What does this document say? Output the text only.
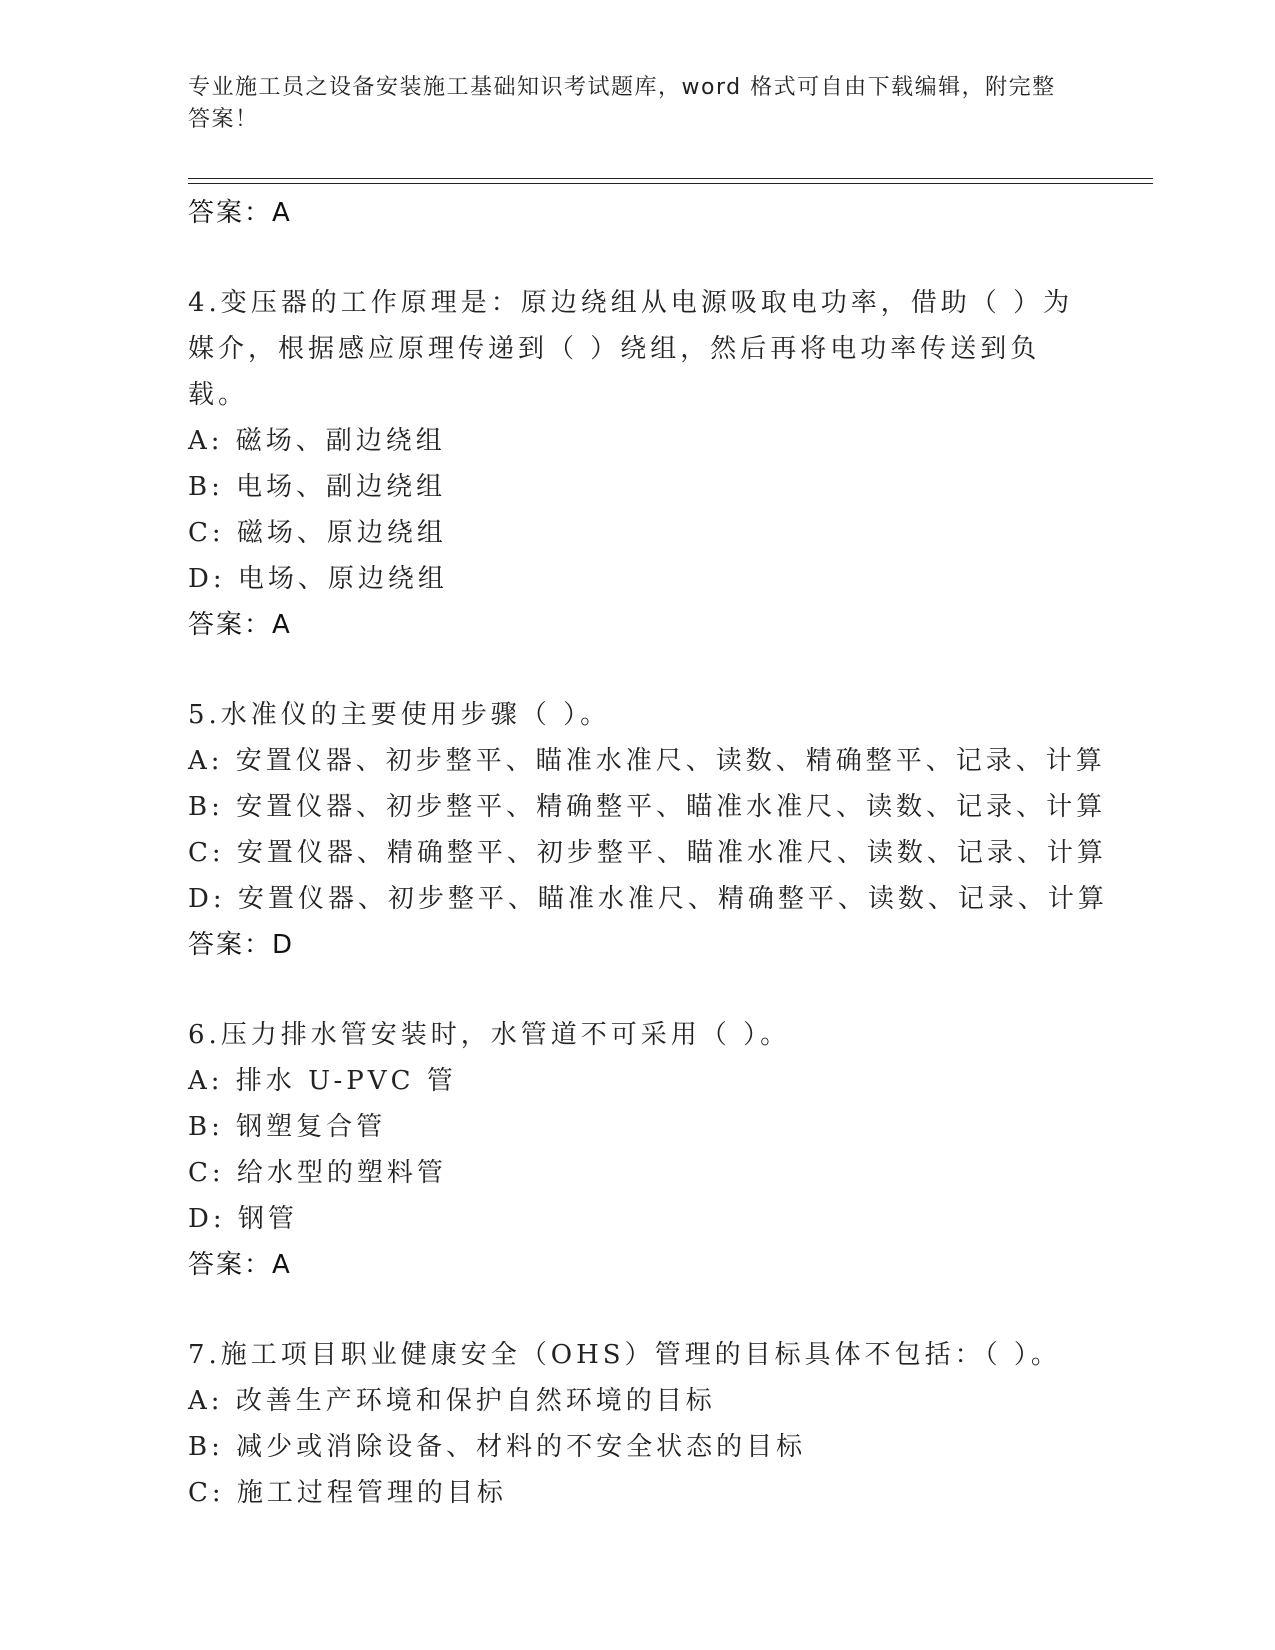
专业施工员之设备安装施工基础知识考试题库，word 格式可自由下载编辑，附完整答案！
答案：A
4.变压器的工作原理是：原边绕组从电源吸取电功率，借助（ ）为媒介，根据感应原理传递到（ ）绕组，然后再将电功率传送到负载。
A: 磁场、副边绕组
B: 电场、副边绕组
C: 磁场、原边绕组
D: 电场、原边绕组
答案：A
5.水准仪的主要使用步骤（ ）。
A: 安置仪器、初步整平、瞄准水准尺、读数、精确整平、记录、计算
B: 安置仪器、初步整平、精确整平、瞄准水准尺、读数、记录、计算
C: 安置仪器、精确整平、初步整平、瞄准水准尺、读数、记录、计算
D: 安置仪器、初步整平、瞄准水准尺、精确整平、读数、记录、计算
答案：D
6.压力排水管安装时，水管道不可采用（ ）。
A: 排水 U-PVC 管
B: 钢塑复合管
C: 给水型的塑料管
D: 钢管
答案：A
7.施工项目职业健康安全（OHS）管理的目标具体不包括：（ ）。
A: 改善生产环境和保护自然环境的目标
B: 减少或消除设备、材料的不安全状态的目标
C: 施工过程管理的目标
